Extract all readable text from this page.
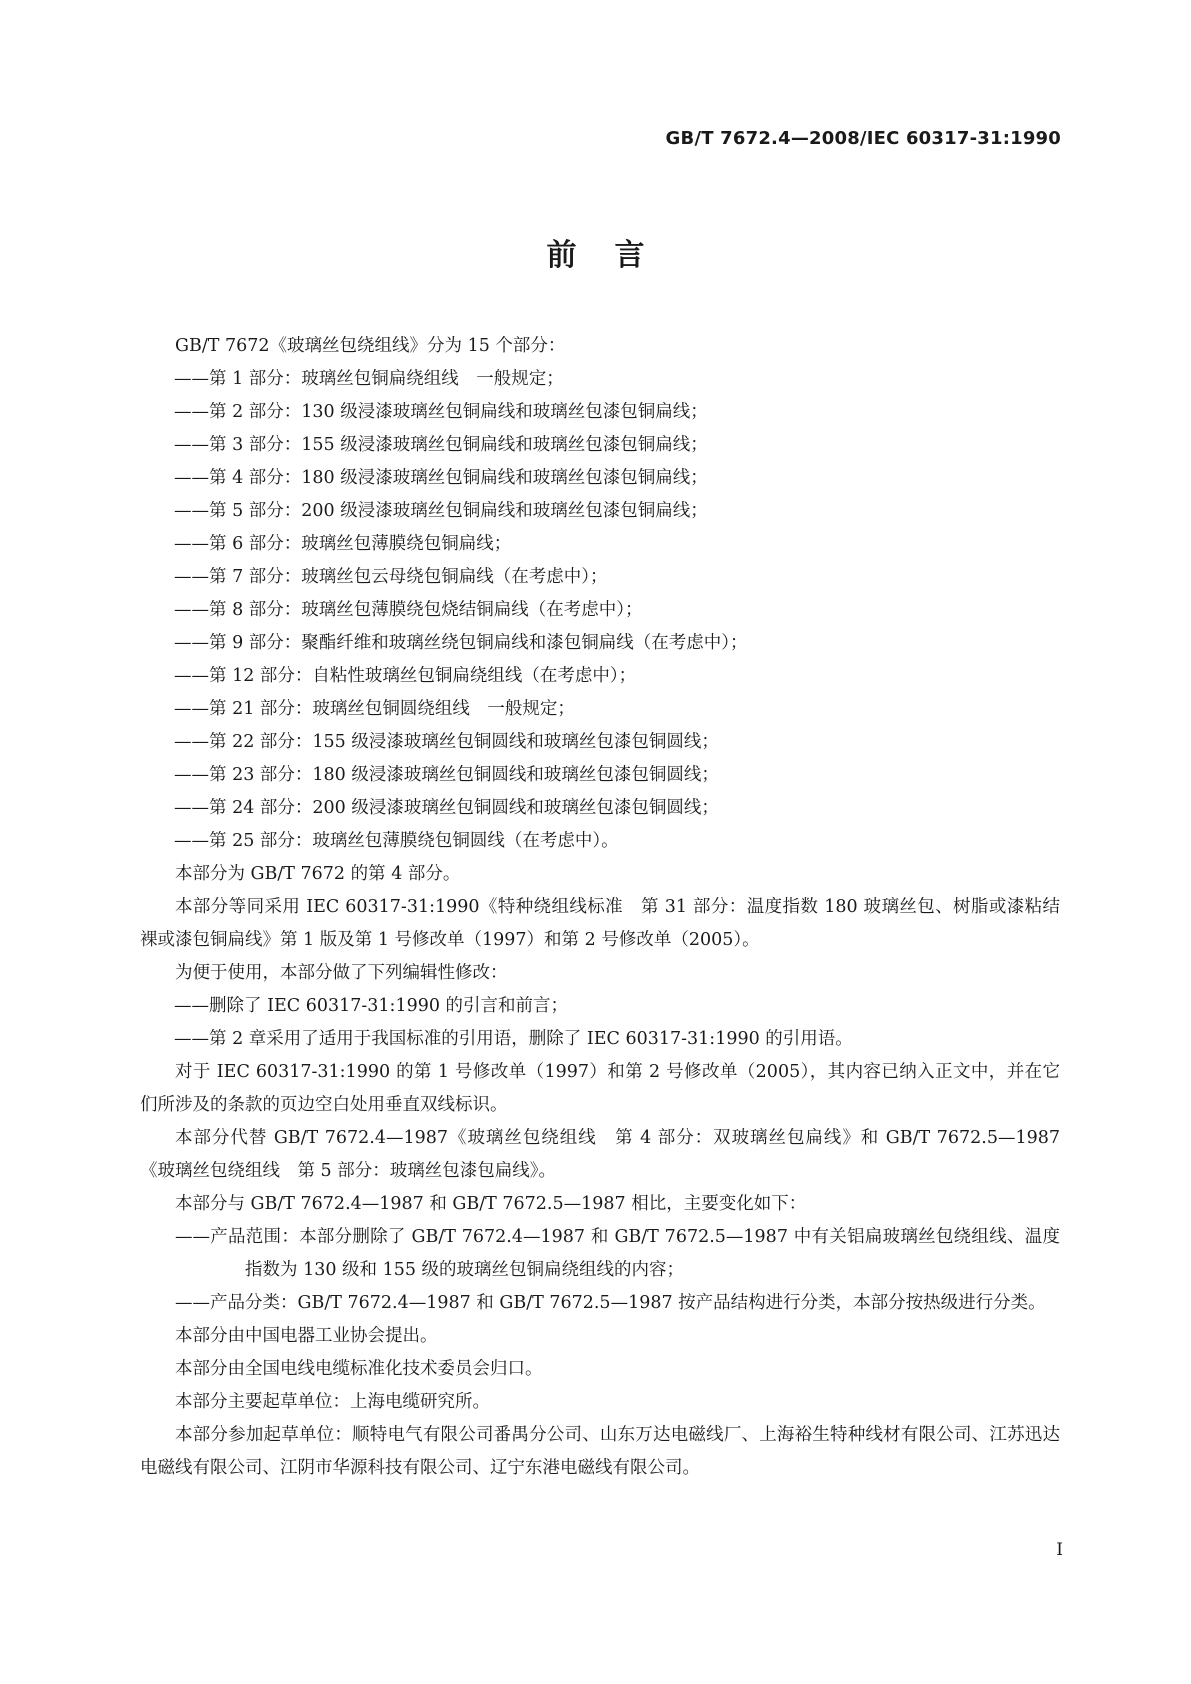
GB/T 7672.4—2008/IEC 60317-31:1990
前言

GB/T 7672《玻璃丝包绕组线》分为 15 个部分：

——第 1 部分：玻璃丝包铜扁绕组线　一般规定；

——第 2 部分：130 级浸漆玻璃丝包铜扁线和玻璃丝包漆包铜扁线；

——第 3 部分：155 级浸漆玻璃丝包铜扁线和玻璃丝包漆包铜扁线；

——第 4 部分：180 级浸漆玻璃丝包铜扁线和玻璃丝包漆包铜扁线；

——第 5 部分：200 级浸漆玻璃丝包铜扁线和玻璃丝包漆包铜扁线；

——第 6 部分：玻璃丝包薄膜绕包铜扁线；

——第 7 部分：玻璃丝包云母绕包铜扁线（在考虑中）；

——第 8 部分：玻璃丝包薄膜绕包烧结铜扁线（在考虑中）；

——第 9 部分：聚酯纤维和玻璃丝绕包铜扁线和漆包铜扁线（在考虑中）；

——第 12 部分：自粘性玻璃丝包铜扁绕组线（在考虑中）；

——第 21 部分：玻璃丝包铜圆绕组线　一般规定；

——第 22 部分：155 级浸漆玻璃丝包铜圆线和玻璃丝包漆包铜圆线；

——第 23 部分：180 级浸漆玻璃丝包铜圆线和玻璃丝包漆包铜圆线；

——第 24 部分：200 级浸漆玻璃丝包铜圆线和玻璃丝包漆包铜圆线；

——第 25 部分：玻璃丝包薄膜绕包铜圆线（在考虑中）。

本部分为 GB/T 7672 的第 4 部分。

本部分等同采用 IEC 60317-31:1990《特种绕组线标准　第 31 部分：温度指数 180 玻璃丝包、树脂或漆粘结裸或漆包铜扁线》第 1 版及第 1 号修改单（1997）和第 2 号修改单（2005）。

为便于使用，本部分做了下列编辑性修改：

——删除了 IEC 60317-31:1990 的引言和前言；

——第 2 章采用了适用于我国标准的引用语，删除了 IEC 60317-31:1990 的引用语。

对于 IEC 60317-31:1990 的第 1 号修改单（1997）和第 2 号修改单（2005），其内容已纳入正文中，并在它们所涉及的条款的页边空白处用垂直双线标识。

本部分代替 GB/T 7672.4—1987《玻璃丝包绕组线　第 4 部分：双玻璃丝包扁线》和 GB/T 7672.5—1987《玻璃丝包绕组线　第 5 部分：玻璃丝包漆包扁线》。

本部分与 GB/T 7672.4—1987 和 GB/T 7672.5—1987 相比，主要变化如下：

——产品范围：本部分删除了 GB/T 7672.4—1987 和 GB/T 7672.5—1987 中有关铝扁玻璃丝包绕组线、温度指数为 130 级和 155 级的玻璃丝包铜扁绕组线的内容；

——产品分类：GB/T 7672.4—1987 和 GB/T 7672.5—1987 按产品结构进行分类，本部分按热级进行分类。

本部分由中国电器工业协会提出。

本部分由全国电线电缆标准化技术委员会归口。

本部分主要起草单位：上海电缆研究所。

本部分参加起草单位：顺特电气有限公司番禺分公司、山东万达电磁线厂、上海裕生特种线材有限公司、江苏迅达电磁线有限公司、江阴市华源科技有限公司、辽宁东港电磁线有限公司。

I
